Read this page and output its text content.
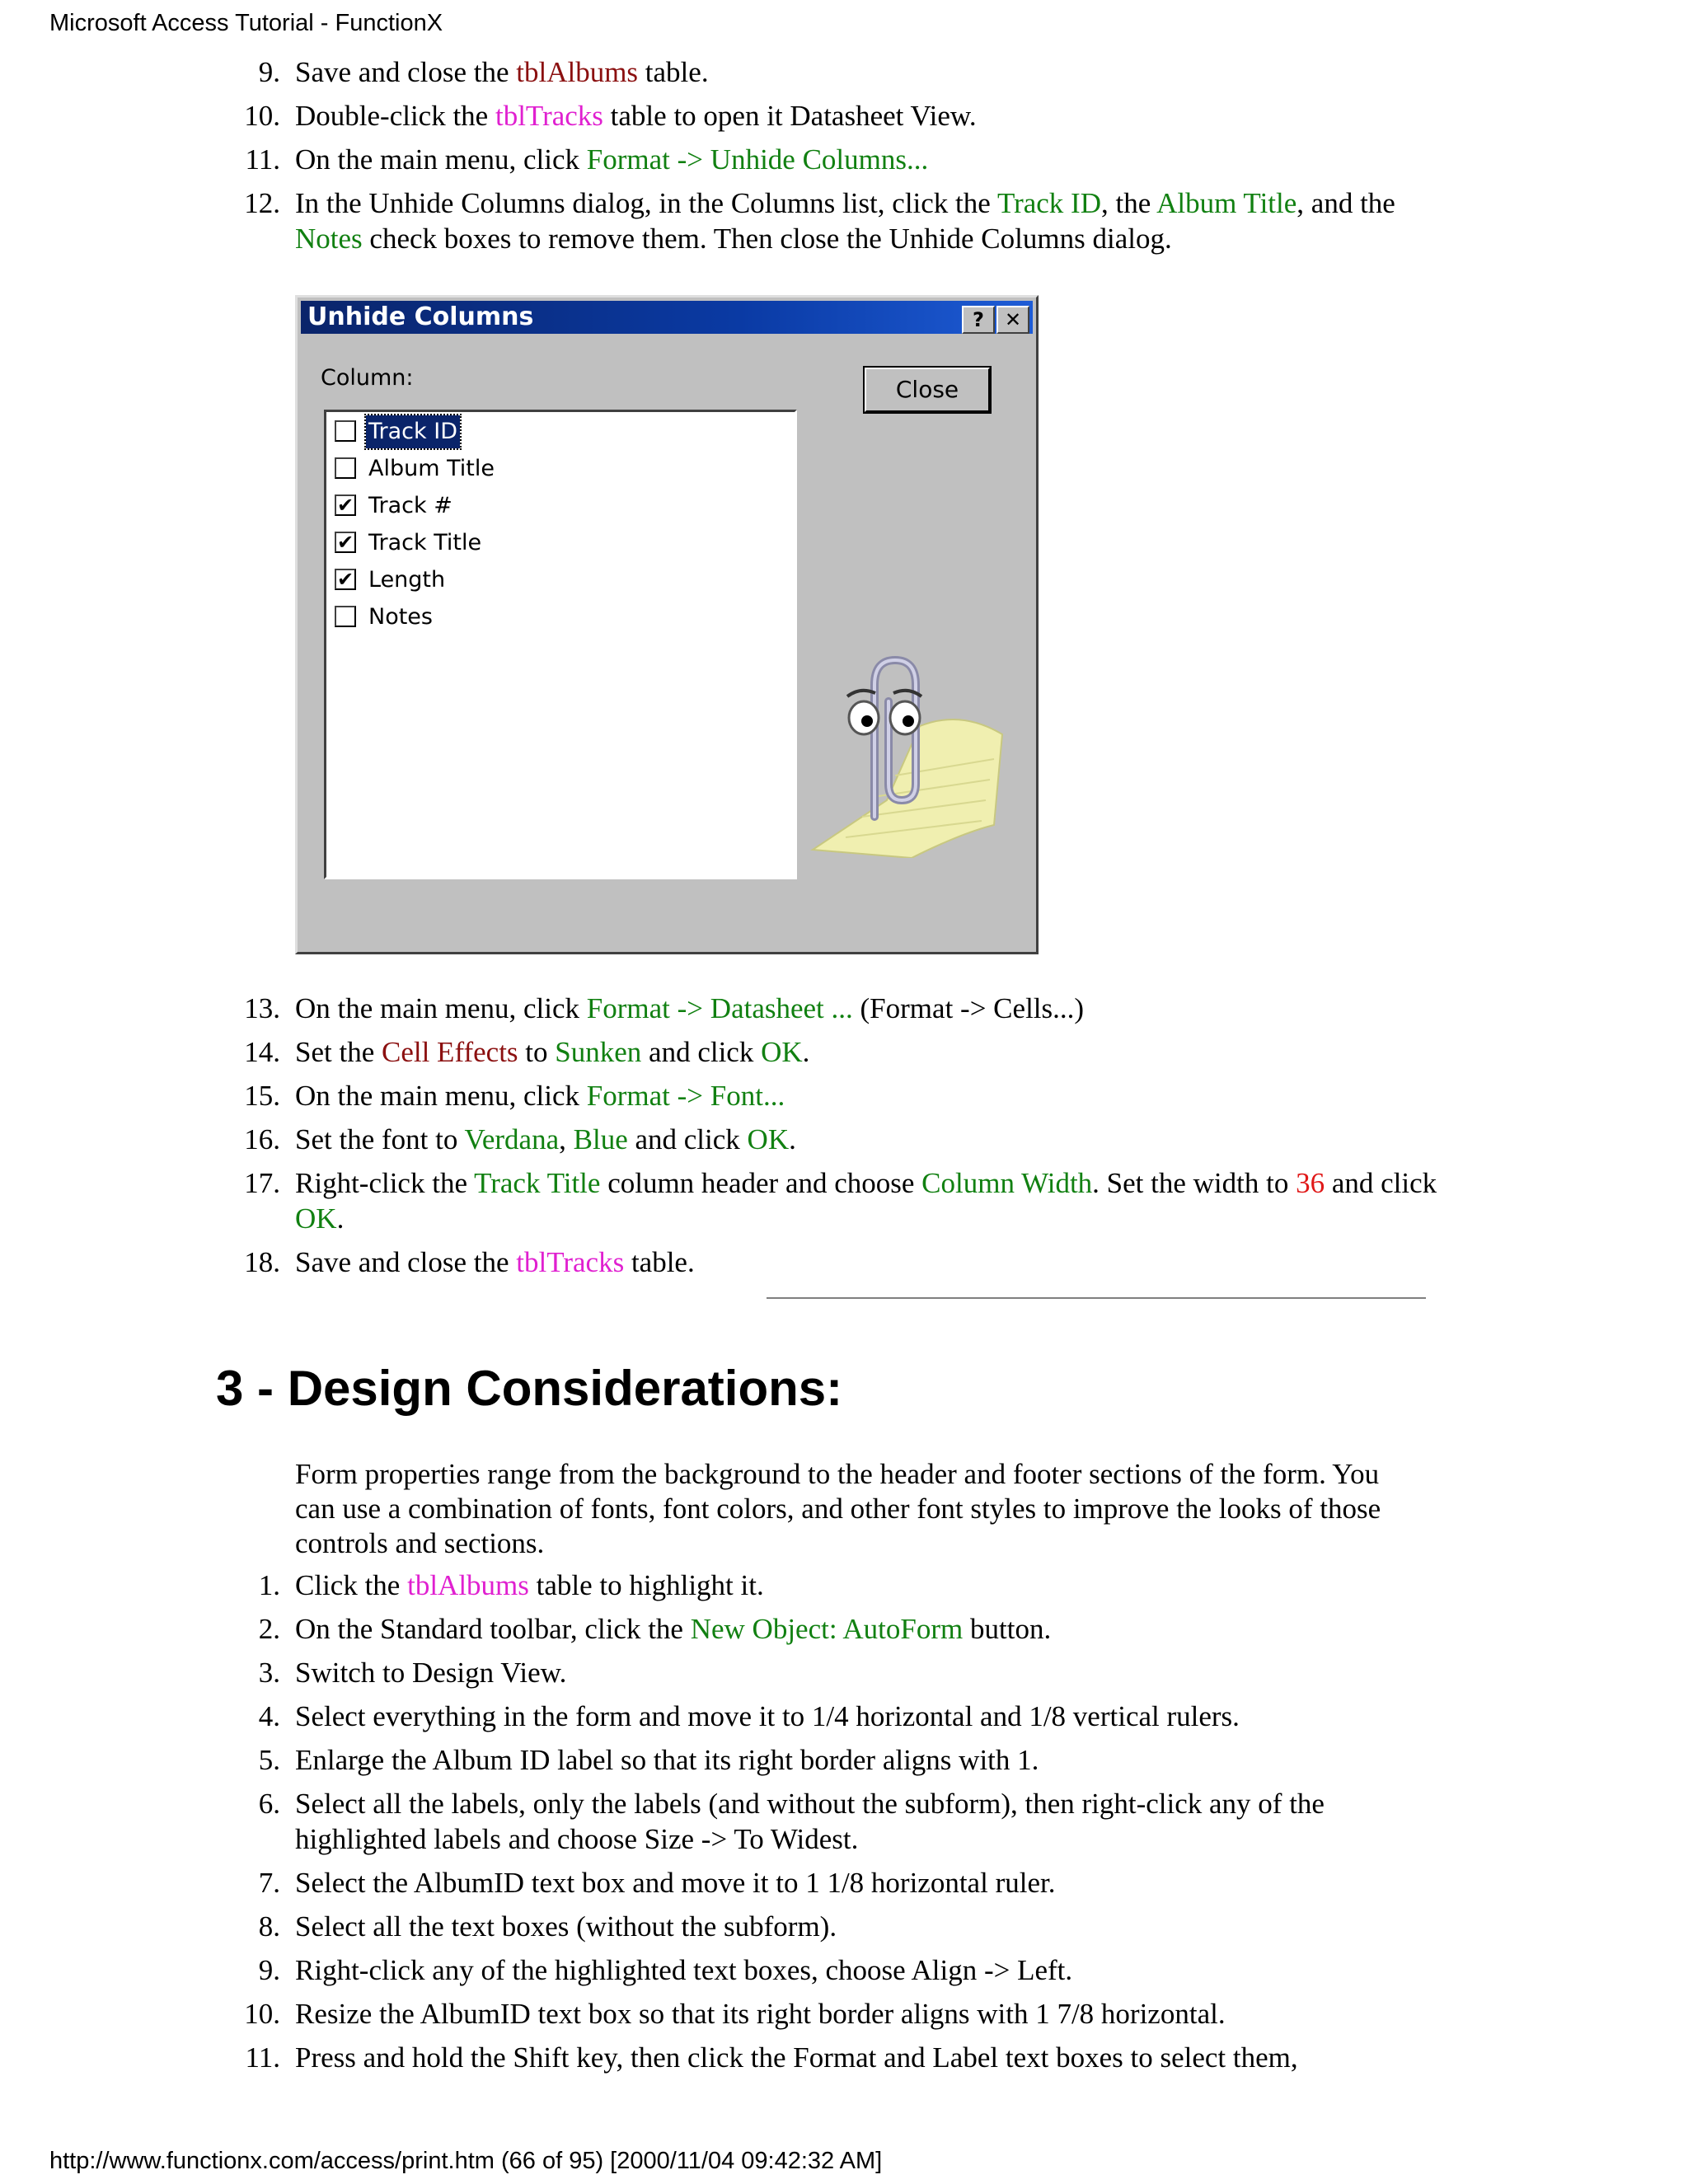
Microsoft Access Tutorial - FunctionX
9. Save and close the tblAlbums table.
10. Double-click the tblTracks table to open it Datasheet View.
11. On the main menu, click Format -> Unhide Columns...
12. In the Unhide Columns dialog, in the Columns list, click the Track ID, the Album Title, and the Notes check boxes to remove them. Then close the Unhide Columns dialog.
Unhide Columns	?	✕
Column:	Close
Track ID
Album Title
✔ Track #
✔ Track Title
✔ Length
Notes
13. On the main menu, click Format -> Datasheet ... (Format -> Cells...)
14. Set the Cell Effects to Sunken and click OK.
15. On the main menu, click Format -> Font...
16. Set the font to Verdana, Blue and click OK.
17. Right-click the Track Title column header and choose Column Width. Set the width to 36 and click OK.
18. Save and close the tblTracks table.
3 - Design Considerations:

Form properties range from the background to the header and footer sections of the form. You can use a combination of fonts, font colors, and other font styles to improve the looks of those controls and sections.

1. Click the tblAlbums table to highlight it.
2. On the Standard toolbar, click the New Object: AutoForm button.
3. Switch to Design View.
4. Select everything in the form and move it to 1/4 horizontal and 1/8 vertical rulers.
5. Enlarge the Album ID label so that its right border aligns with 1.
6. Select all the labels, only the labels (and without the subform), then right-click any of the highlighted labels and choose Size -> To Widest.
7. Select the AlbumID text box and move it to 1 1/8 horizontal ruler.
8. Select all the text boxes (without the subform).
9. Right-click any of the highlighted text boxes, choose Align -> Left.
10. Resize the AlbumID text box so that its right border aligns with 1 7/8 horizontal.
11. Press and hold the Shift key, then click the Format and Label text boxes to select them,
http://www.functionx.com/access/print.htm (66 of 95) [2000/11/04 09:42:32 AM]
